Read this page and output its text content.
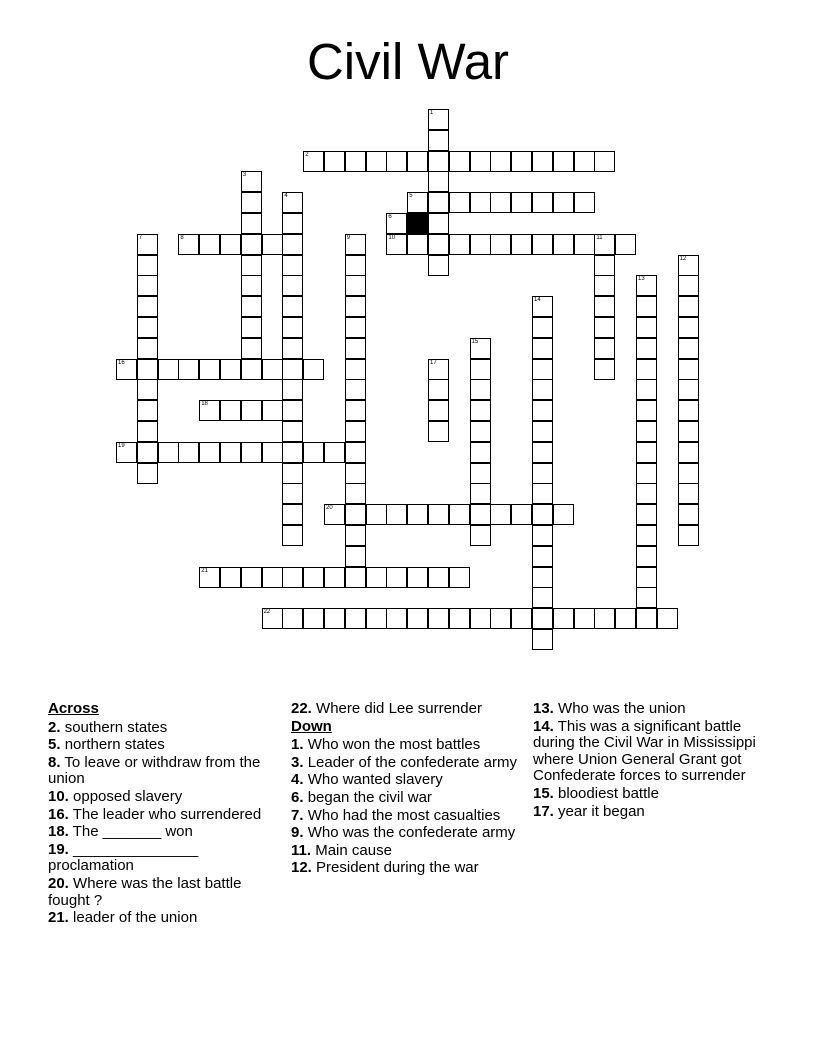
Civil War
1
2
3
4	5
7	8	9	10	11
12
13
14
15
16	17
18
19
20
21
22
6
Across
2. southern states
5. northern states
8. To leave or withdraw from the union
10. opposed slavery
16. The leader who surrendered
18. The _______ won
19. _______________ proclamation
20. Where was the last battle fought ?
21. leader of the union
22. Where did Lee surrender
Down
1. Who won the most battles
3. Leader of the confederate army
4. Who wanted slavery
6. began the civil war
7. Who had the most casualties
9. Who was the confederate army
11. Main cause
12. President during the war
13. Who was the union
14. This was a significant battle during the Civil War in Mississippi where Union General Grant got Confederate forces to surrender
15. bloodiest battle
17. year it began
